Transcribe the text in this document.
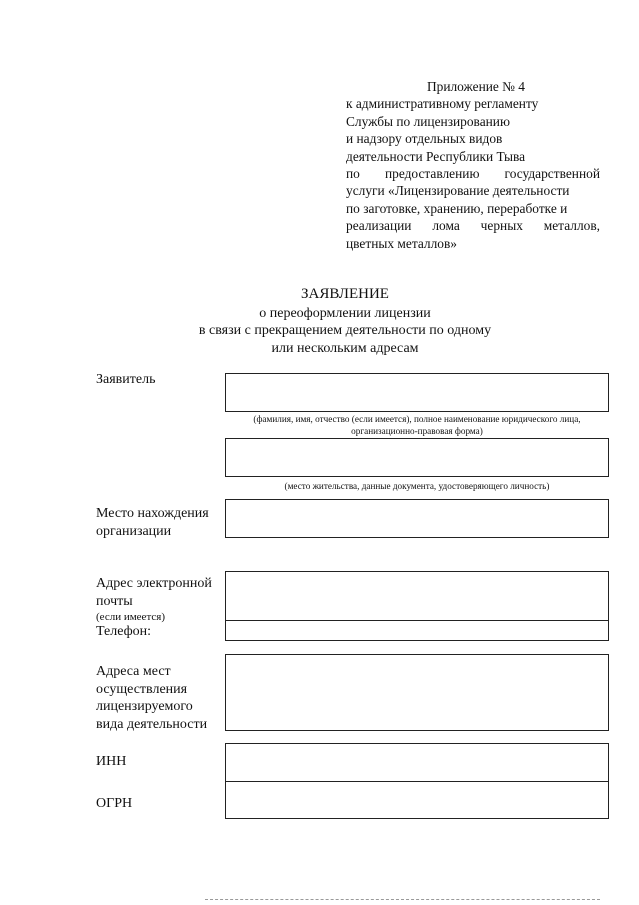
Приложение № 4
к административному регламенту
Службы по лицензированию
и надзору отдельных видов
деятельности Республики Тыва
по предоставлению государственной
услуги «Лицензирование деятельности
по заготовке, хранению, переработке и
реализации лома черных металлов,
цветных металлов»
ЗАЯВЛЕНИЕ
о переоформлении лицензии
в связи с прекращением деятельности по одному
или нескольким адресам
Заявитель
(фамилия, имя, отчество (если имеется), полное наименование юридического лица,
организационно-правовая форма)
(место жительства, данные документа, удостоверяющего личность)
Место нахождения
организации
Адрес электронной
почты
(если имеется)
Телефон:
Адреса мест
осуществления
лицензируемого
вида деятельности
ИНН
ОГРН
